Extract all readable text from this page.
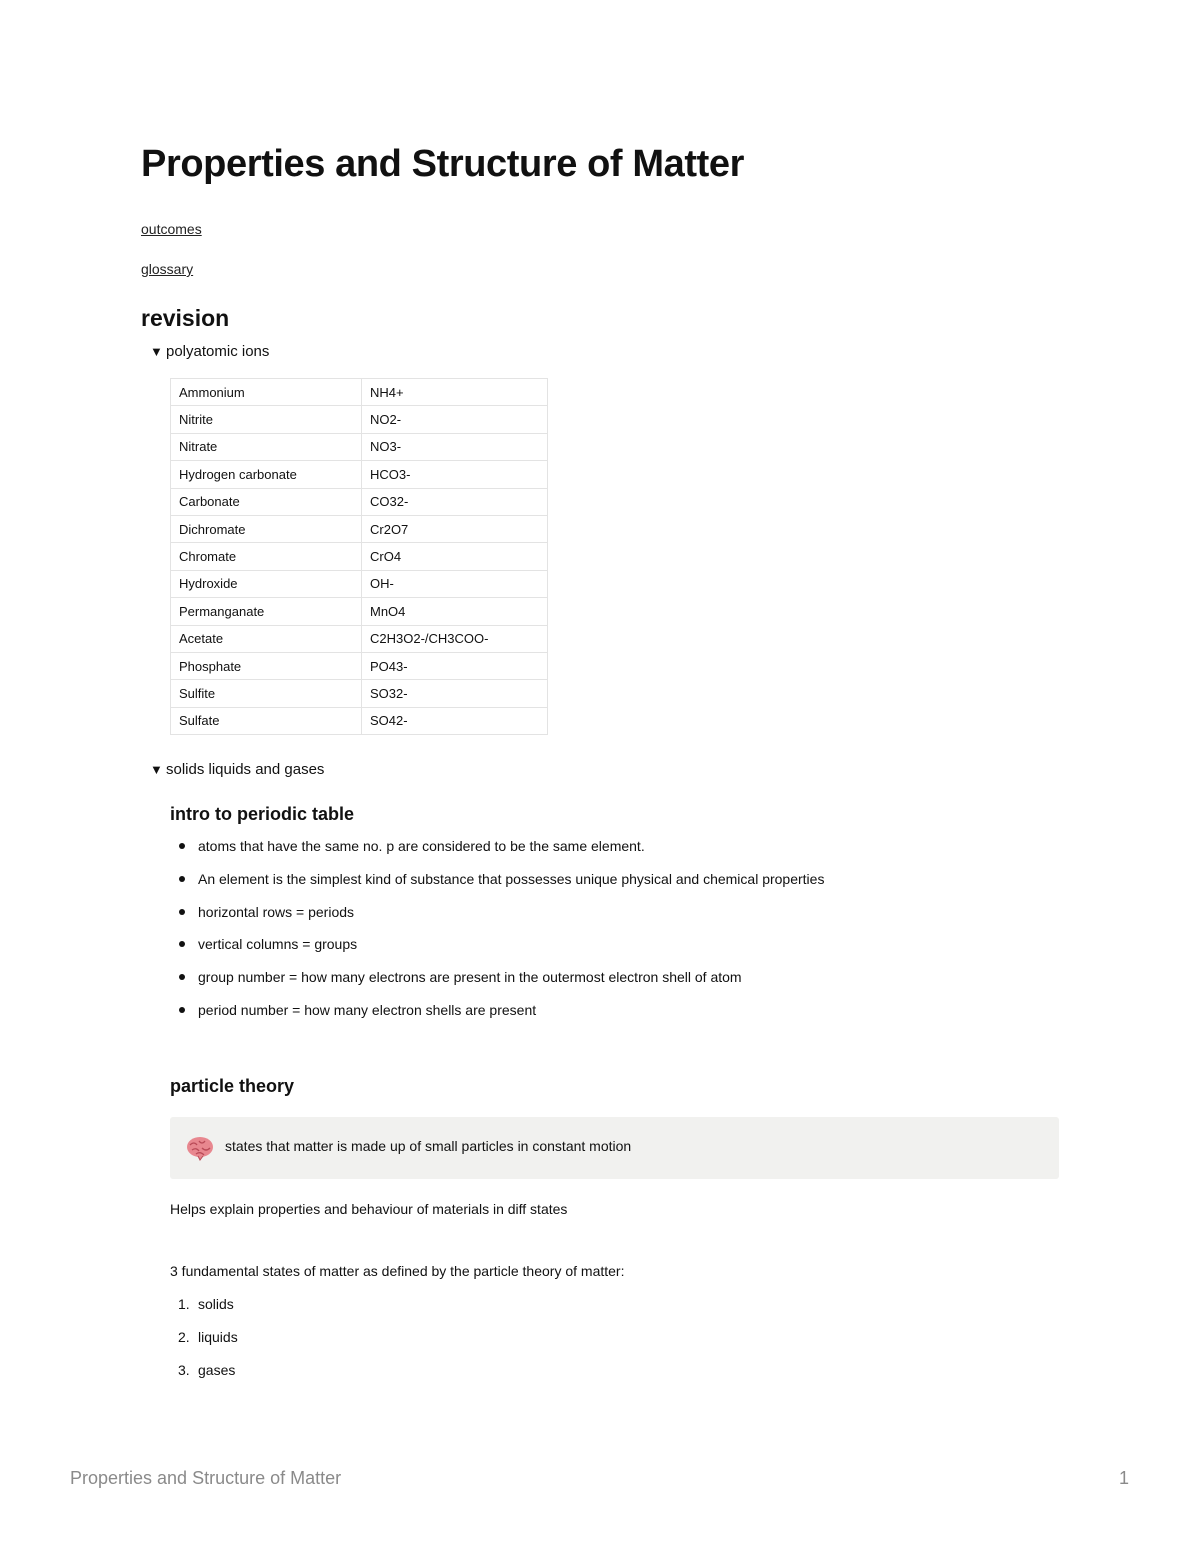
Properties and Structure of Matter
outcomes
glossary
revision
▼ polyatomic ions
Ammonium	NH4+
Nitrite	NO2-
Nitrate	NO3-
Hydrogen carbonate	HCO3-
Carbonate	CO32-
Dichromate	Cr2O7
Chromate	CrO4
Hydroxide	OH-
Permanganate	MnO4
Acetate	C2H3O2-/CH3COO-
Phosphate	PO43-
Sulfite	SO32-
Sulfate	SO42-
▼ solids liquids and gases
intro to periodic table
atoms that have the same no. p are considered to be the same element.
An element is the simplest kind of substance that possesses unique physical and chemical properties
horizontal rows = periods
vertical columns = groups
group number = how many electrons are present in the outermost electron shell of atom
period number = how many electron shells are present
particle theory
states that matter is made up of small particles in constant motion
Helps explain properties and behaviour of materials in diff states
3 fundamental states of matter as defined by the particle theory of matter:
1. solids
2. liquids
3. gases
Properties and Structure of Matter	1
